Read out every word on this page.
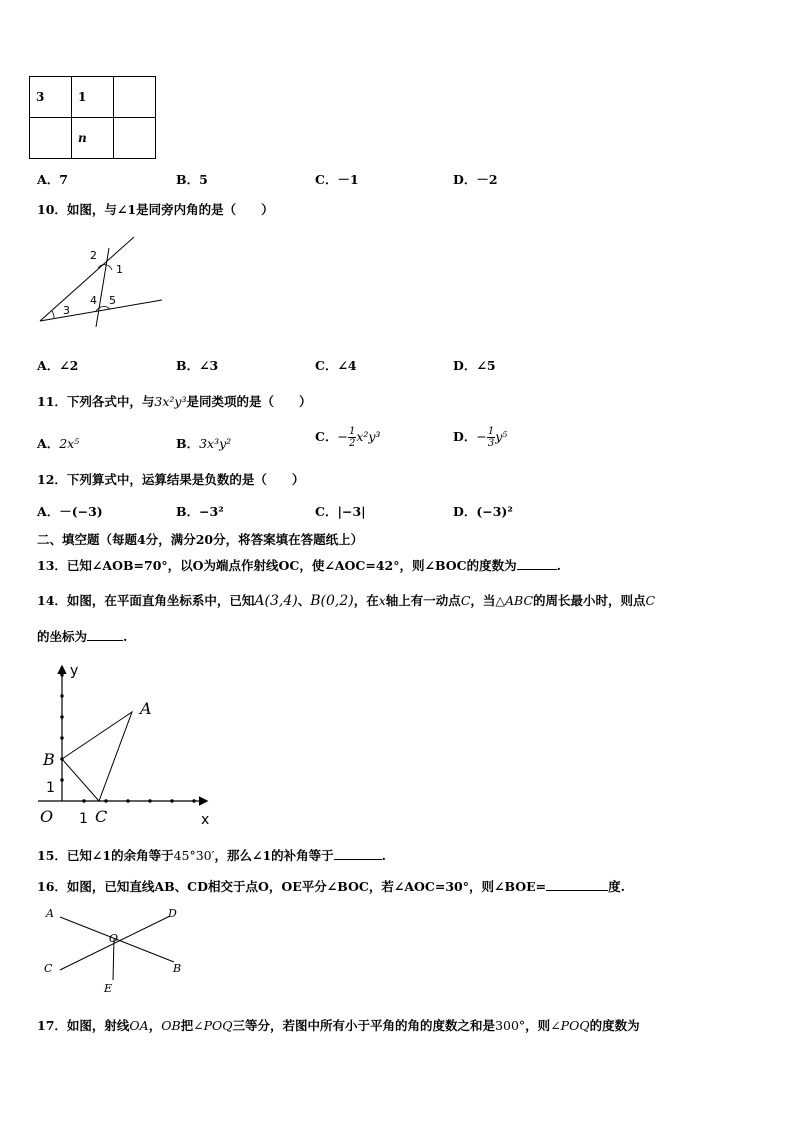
3	1	
	n	
A．7	B．5	C．－1	D．－2
10．如图，与∠1是同旁内角的是（　　）
2
1
3
4 5
A．∠2	B．∠3	C．∠4	D．∠5
11．下列各式中，与3x²y³是同类项的是（　　）
A．2x⁵	B．3x³y²	C．− $\frac{1}{2}x^2y^3$	D．− $\frac{1}{3}y^5$
12．下列算式中，运算结果是负数的是（　　）
A．－(−3)	B．−3²	C．|−3|	D．(−3)²
二、填空题（每题4分，满分20分，将答案填在答题纸上）
13．已知∠AOB=70°，以O为端点作射线OC，使∠AOC=42°，则∠BOC的度数为	.
14．如图，在平面直角坐标系中，已知A(3,4)、B(0,2)，在x轴上有一动点C，当△ABC的周长最小时，则点C
的坐标为	.
y
x
A
B
C
O 1
1
15．已知∠1的余角等于45°30′，那么∠1的补角等于	.
16．如图，已知直线AB、CD相交于点O，OE平分∠BOC，若∠AOC=30°，则∠BOE=	度.
A	D
O
C	B
E
17．如图，射线OA，OB把∠POQ三等分，若图中所有小于平角的角的度数之和是300°，则∠POQ的度数为
